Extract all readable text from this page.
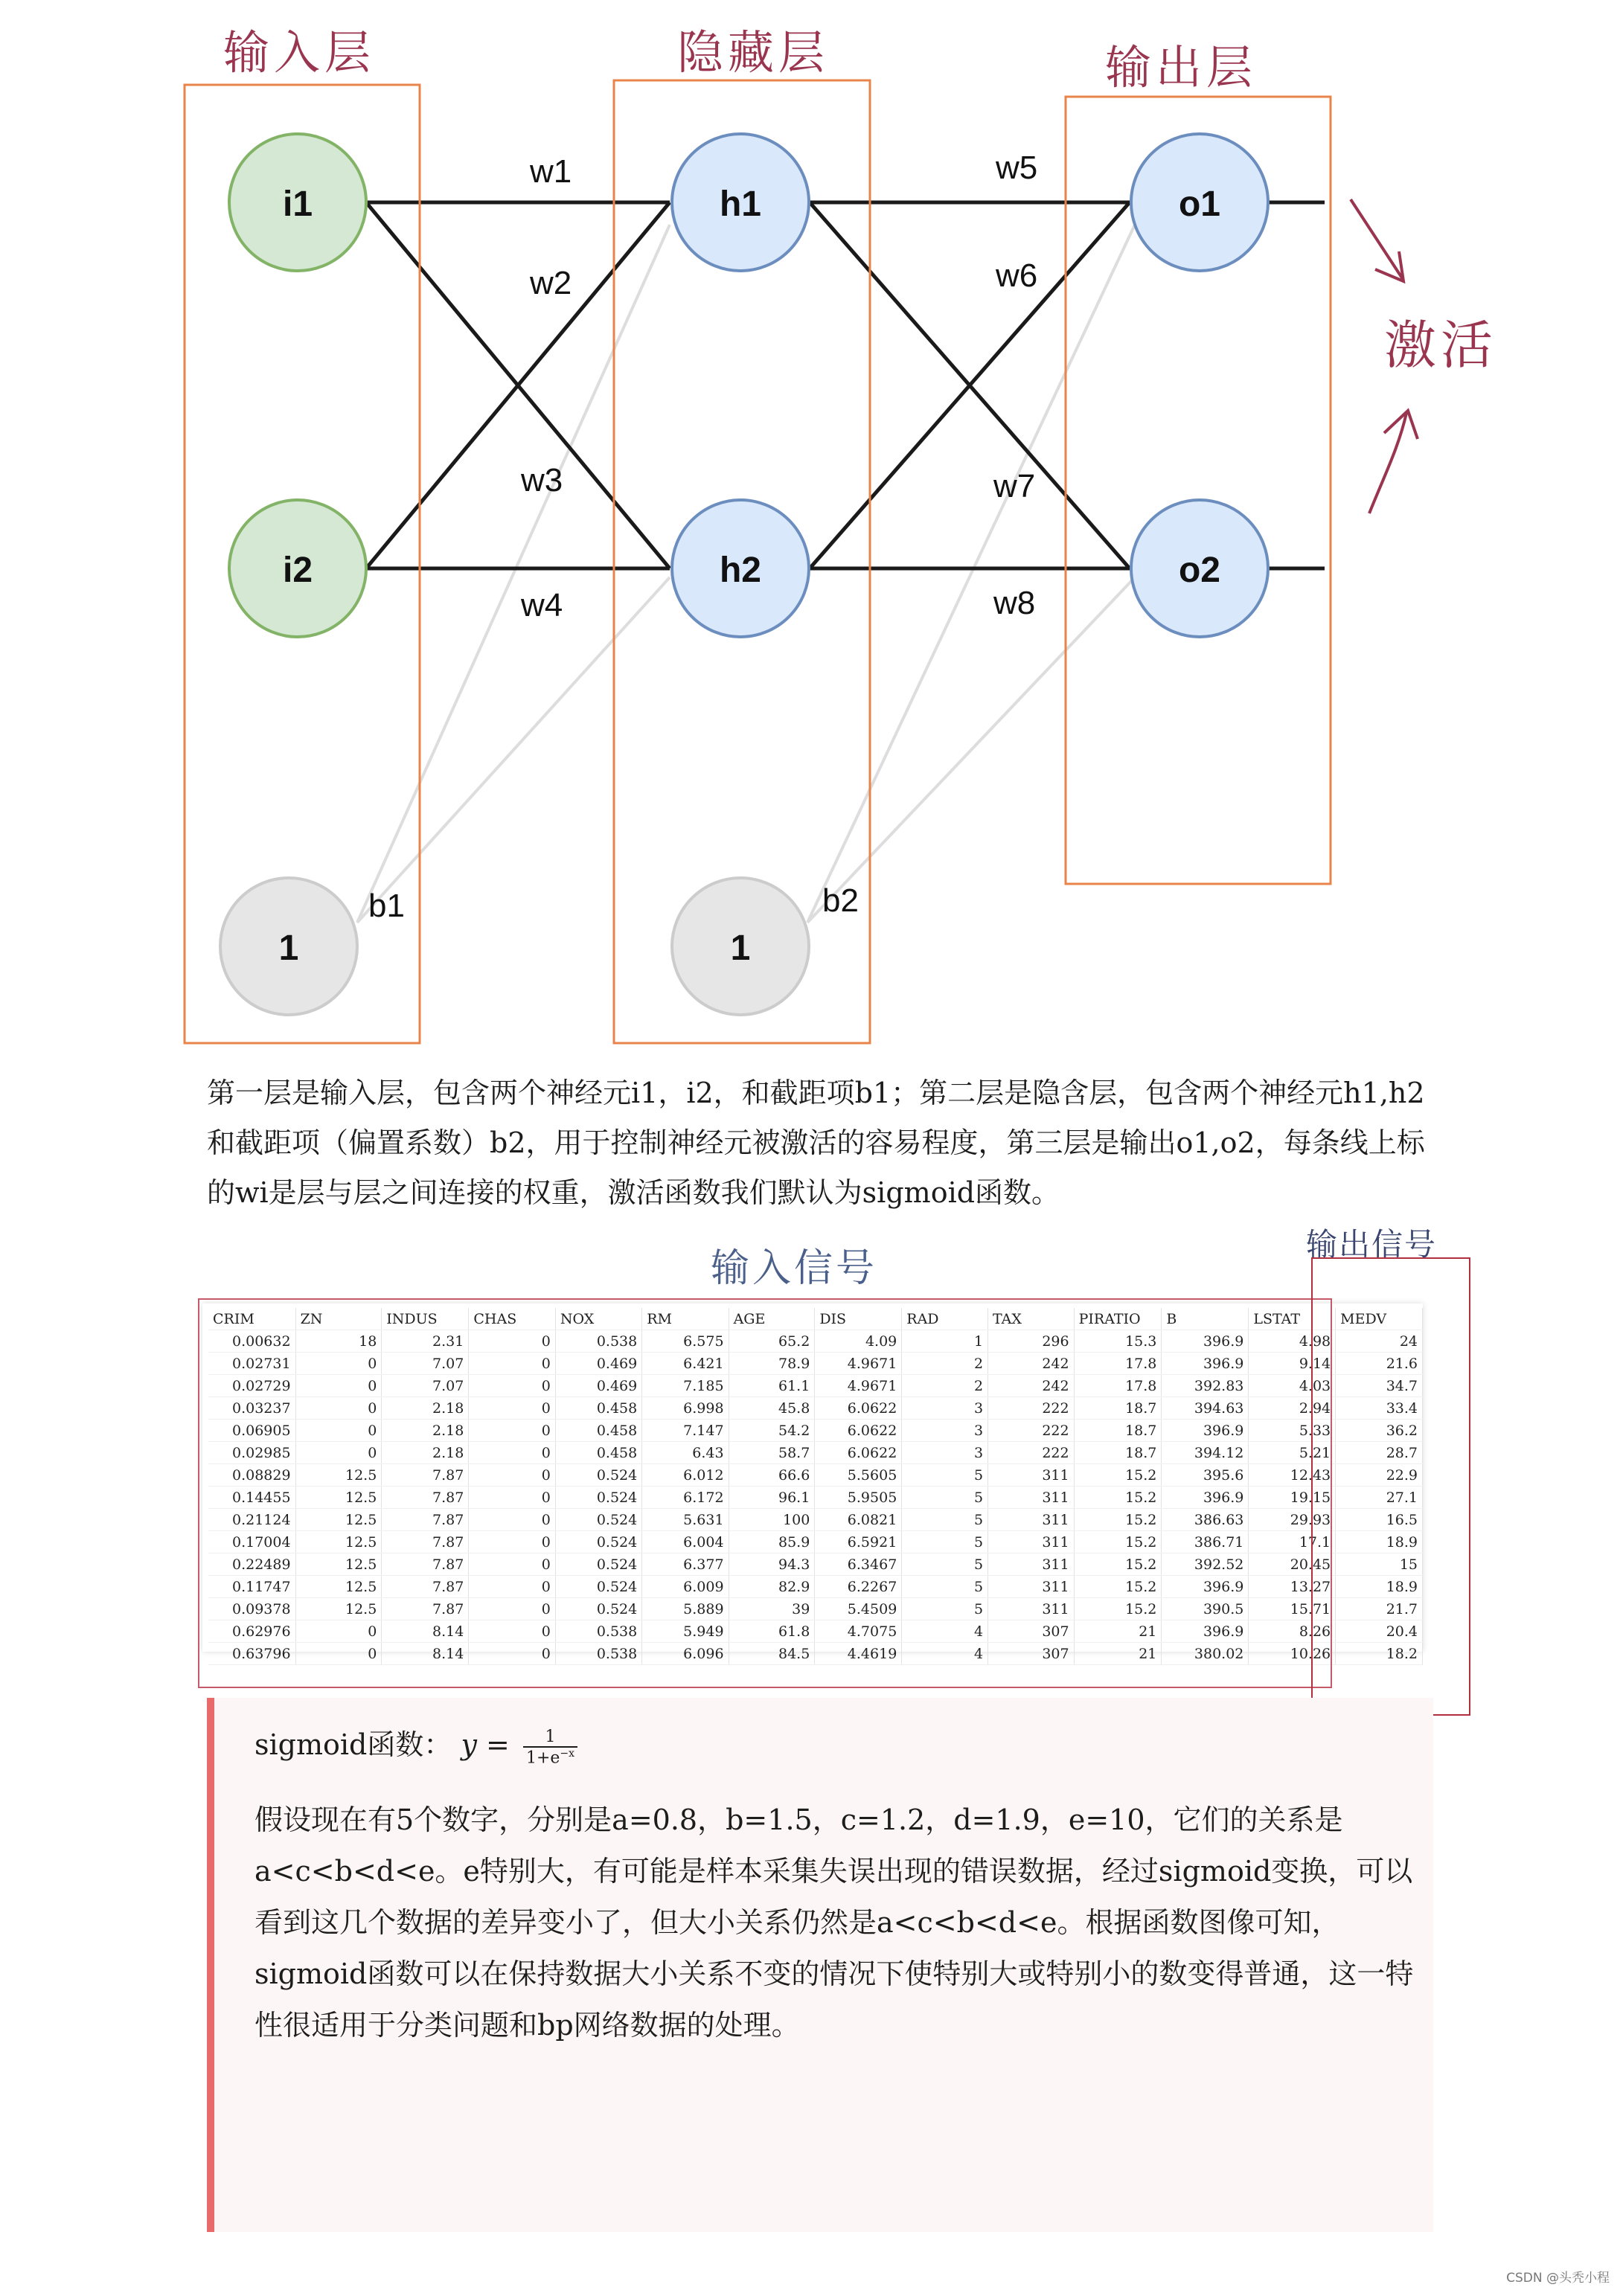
输入层	隐藏层	输出层
激活
i1
i2
h1
h2
o1
o2
1	1
w1
w2
w3
w4
w5
w6
w7
w8
b1	b2

第一层是输入层，包含两个神经元i1，i2，和截距项b1；第二层是隐含层，包含两个神经元h1,h2和截距项（偏置系数）b2，用于控制神经元被激活的容易程度，第三层是输出o1,o2，每条线上标的wi是层与层之间连接的权重，激活函数我们默认为sigmoid函数。

输入信号
输出信号
CRIM	ZN	INDUS	CHAS	NOX	RM	AGE	DIS	RAD	TAX	PIRATIO	B	LSTAT	MEDV
0.00632	18	2.31	0	0.538	6.575	65.2	4.09	1	296	15.3	396.9	4.98	24
0.02731	0	7.07	0	0.469	6.421	78.9	4.9671	2	242	17.8	396.9	9.14	21.6
0.02729	0	7.07	0	0.469	7.185	61.1	4.9671	2	242	17.8	392.83	4.03	34.7
0.03237	0	2.18	0	0.458	6.998	45.8	6.0622	3	222	18.7	394.63	2.94	33.4
0.06905	0	2.18	0	0.458	7.147	54.2	6.0622	3	222	18.7	396.9	5.33	36.2
0.02985	0	2.18	0	0.458	6.43	58.7	6.0622	3	222	18.7	394.12	5.21	28.7
0.08829	12.5	7.87	0	0.524	6.012	66.6	5.5605	5	311	15.2	395.6	12.43	22.9
0.14455	12.5	7.87	0	0.524	6.172	96.1	5.9505	5	311	15.2	396.9	19.15	27.1
0.21124	12.5	7.87	0	0.524	5.631	100	6.0821	5	311	15.2	386.63	29.93	16.5
0.17004	12.5	7.87	0	0.524	6.004	85.9	6.5921	5	311	15.2	386.71	17.1	18.9
0.22489	12.5	7.87	0	0.524	6.377	94.3	6.3467	5	311	15.2	392.52	20.45	15
0.11747	12.5	7.87	0	0.524	6.009	82.9	6.2267	5	311	15.2	396.9	13.27	18.9
0.09378	12.5	7.87	0	0.524	5.889	39	5.4509	5	311	15.2	390.5	15.71	21.7
0.62976	0	8.14	0	0.538	5.949	61.8	4.7075	4	307	21	396.9	8.26	20.4
0.63796	0	8.14	0	0.538	6.096	84.5	4.4619	4	307	21	380.02	10.26	18.2
sigmoid函数： $y = \frac{1}{1+e^{-x}}$

假设现在有5个数字，分别是a=0.8，b=1.5，c=1.2，d=1.9，e=10，它们的关系是a<c<b<d<e。e特别大，有可能是样本采集失误出现的错误数据，经过sigmoid变换，可以看到这几个数据的差异变小了，但大小关系仍然是a<c<b<d<e。根据函数图像可知，sigmoid函数可以在保持数据大小关系不变的情况下使特别大或特别小的数变得普通，这一特性很适用于分类问题和bp网络数据的处理。

CSDN @头秃小程
